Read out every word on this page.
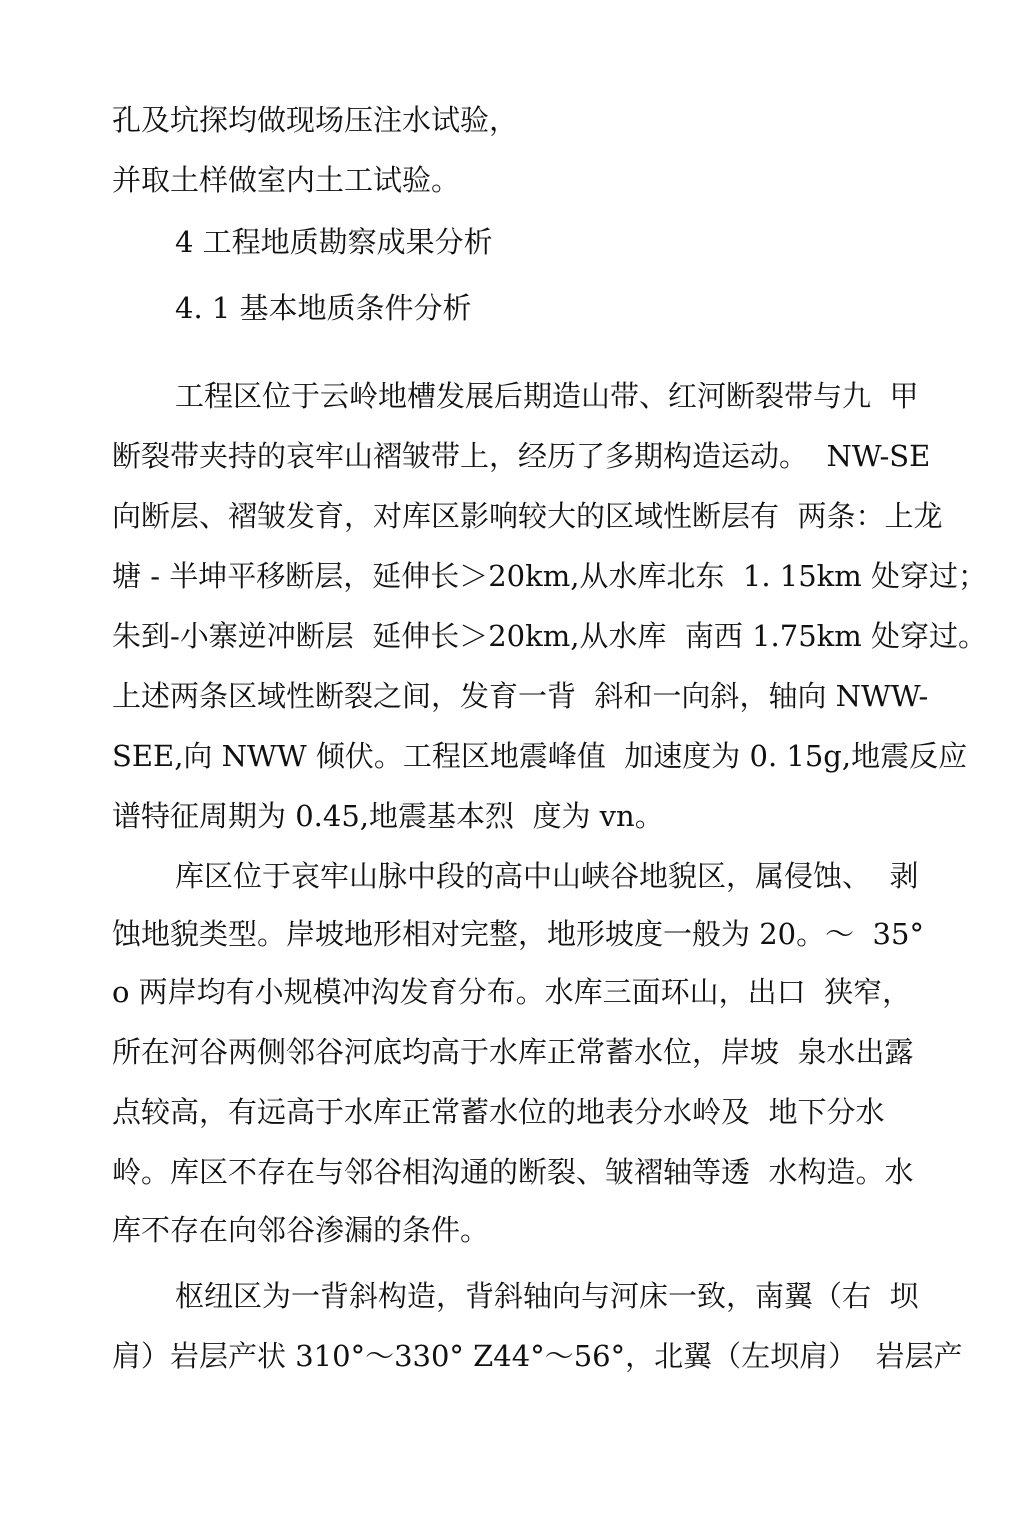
孔及坑探均做现场压注水试验，
并取土样做室内土工试验。
4 工程地质勘察成果分析
4. 1 基本地质条件分析
工程区位于云岭地槽发展后期造山带、红河断裂带与九  甲
断裂带夹持的哀牢山褶皱带上，经历了多期构造运动。  NW-SE
向断层、褶皱发育，对库区影响较大的区域性断层有  两条：上龙
塘 - 半坤平移断层，延伸长＞20km,从水库北东  1. 15km 处穿过；
朱到-小寨逆冲断层  延伸长＞20km,从水库  南西 1.75km 处穿过。
上述两条区域性断裂之间，发育一背  斜和一向斜，轴向 NWW-
SEE,向 NWW 倾伏。工程区地震峰值  加速度为 0. 15g,地震反应
谱特征周期为 0.45,地震基本烈  度为 vn。
库区位于哀牢山脉中段的高中山峡谷地貌区，属侵蚀、  剥
蚀地貌类型。岸坡地形相对完整，地形坡度一般为 20。～  35°
o 两岸均有小规模冲沟发育分布。水库三面环山，出口  狭窄，
所在河谷两侧邻谷河底均高于水库正常蓄水位，岸坡  泉水出露
点较高，有远高于水库正常蓄水位的地表分水岭及  地下分水
岭。库区不存在与邻谷相沟通的断裂、皱褶轴等透  水构造。水
库不存在向邻谷渗漏的条件。
枢纽区为一背斜构造，背斜轴向与河床一致，南翼（右  坝
肩）岩层产状 310°～330° Z44°～56°，北翼（左坝肩）  岩层产
